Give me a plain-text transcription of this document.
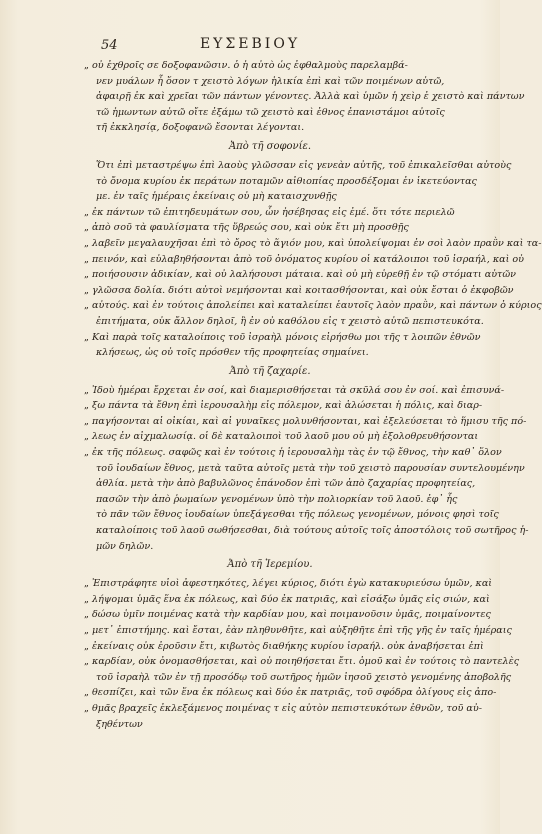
54	ΕΥΣΕΒΙΟΥ
„ οὐ ἐχθροῖς σε δοξοφανῶσιν. ὁ ἡ αὐτὸ ὡς ἐφθαλμοὺς παρελαμβά-
νεν μυάλων ἦ ὅσον τ χειστὸ λόγων ἡλικία ἐπὶ καὶ τῶν ποιμένων αὐτῶ,
ἀφαιρῇ ἐκ καὶ χρεῖαι τῶν πάντων γένοντες. Ἀλλὰ καὶ ὑμῶν ἡ χεὶρ ἐ χειστὸ καὶ πάντων
τῶ ἡμωντων αὐτῶ οἴτε ἐξάμω τῶ χειστὸ καὶ ἐθνος ἐπανιστάμοι αὐτοῖς
τῆ ἐκκλησίᾳ, δοξοφανῶ ἔσονται λέγονται.
Ἀπὸ τῆ σοφονίε.
Ὅτι ἐπὶ μεταστρέψω ἐπὶ λαοὺς γλῶσσαν εἰς γενεὰν αὐτῆς, τοῦ ἐπικαλεῖσθαι αὐτοὺς
τὸ ὄνομα κυρίου ἐκ περάτων ποταμῶν αἰθιοπίας προσδέξομαι ἐν ἱκετεύοντας
με. ἐν ταῖς ἡμέραις ἐκείναις οὐ μὴ καταισχυνθῇς
„ ἐκ πάντων τῶ ἐπιτηδευμάτων σου, ὧν ἠσέβησας εἰς ἐμέ. ὅτι τότε περιελῶ
„ ἀπὸ σοῦ τὰ φαυλίσματα τῆς ὕβρεώς σου, καὶ οὐκ ἔτι μὴ προσθῇς
„ λαβεῖν μεγαλαυχῆσαι ἐπὶ τὸ ὄρος τὸ ἅγιόν μου, καὶ ὑπολείψομαι ἐν σοὶ λαὸν πραῢν καὶ τα-
„ πεινόν, καὶ εὐλαβηθήσονται ἀπὸ τοῦ ὀνόματος κυρίου οἱ κατάλοιποι τοῦ ἰσραήλ, καὶ οὐ
„ ποιήσουσιν ἀδικίαν, καὶ οὐ λαλήσουσι μάταια. καὶ οὐ μὴ εὑρεθῇ ἐν τῷ στόματι αὐτῶν
„ γλῶσσα δολία. διότι αὐτοὶ νεμήσονται καὶ κοιτασθήσονται, καὶ οὐκ ἔσται ὁ ἐκφοβῶν
„ αὐτούς. καὶ ἐν τούτοις ἀπολείπει καὶ καταλείπει ἑαυτοῖς λαὸν πραῢν, καὶ πάντων ὁ κύριος
ἐπιτήματα, οὐκ ἄλλον δηλοῖ, ἢ ἐν οὐ καθόλου εἰς τ χειστὸ αὐτῶ πεπιστευκότα.
„ Καὶ παρὰ τοῖς καταλοίποις τοῦ ἰσραὴλ μόνοις εἰρήσθω μοι τῆς τ λοιπῶν ἐθνῶν
κλήσεως, ὡς οὐ τοῖς πρόσθεν τῆς προφητείας σημαίνει.
Ἀπὸ τῆ ζαχαρίε.
„ Ἰδοὺ ἡμέραι ἔρχεται ἐν σοί, καὶ διαμερισθήσεται τὰ σκῦλά σου ἐν σοί. καὶ ἐπισυνά-
„ ξω πάντα τὰ ἔθνη ἐπὶ ἱερουσαλὴμ εἰς πόλεμον, καὶ ἁλώσεται ἡ πόλις, καὶ διαρ-
„ παγήσονται αἱ οἰκίαι, καὶ αἱ γυναῖκες μολυνθήσονται, καὶ ἐξελεύσεται τὸ ἥμισυ τῆς πό-
„ λεως ἐν αἰχμαλωσίᾳ. οἱ δὲ καταλοιποὶ τοῦ λαοῦ μου οὐ μὴ ἐξολοθρευθήσονται
„ ἐκ τῆς πόλεως. σαφῶς καὶ ἐν τούτοις ἡ ἱερουσαλὴμ τὰς ἐν τῷ ἔθνος, τὴν καθ᾽ ὅλον
τοῦ ἰουδαίων ἔθνος, μετὰ ταῦτα αὐτοῖς μετὰ τὴν τοῦ χειστὸ παρουσίαν συντελουμένην
ἀθλία. μετὰ τὴν ἀπὸ βαβυλῶνος ἐπάνοδον ἐπὶ τῶν ἀπὸ ζαχαρίας προφητείας,
πασῶν τὴν ἀπὸ ῥωμαίων γενομένων ὑπὸ τὴν πολιορκίαν τοῦ λαοῦ. ἐφ᾽ ἧς
τὸ πᾶν τῶν ἔθνος ἰουδαίων ὑπεξάγεσθαι τῆς πόλεως γενομένων, μόνοις φησὶ τοῖς
καταλοίποις τοῦ λαοῦ σωθήσεσθαι, διὰ τούτους αὐτοῖς τοῖς ἀποστόλοις τοῦ σωτῆρος ἡ-
μῶν δηλῶν.
Ἀπὸ τῆ Ἱερεμίου.
„ Ἐπιστράφητε υἱοὶ ἀφεστηκότες, λέγει κύριος, διότι ἐγὼ κατακυριεύσω ὑμῶν, καὶ
„ λήψομαι ὑμᾶς ἕνα ἐκ πόλεως, καὶ δύο ἐκ πατριᾶς, καὶ εἰσάξω ὑμᾶς εἰς σιών, καὶ
„ δώσω ὑμῖν ποιμένας κατὰ τὴν καρδίαν μου, καὶ ποιμανοῦσιν ὑμᾶς, ποιμαίνοντες
„ μετ᾽ ἐπιστήμης. καὶ ἔσται, ἐὰν πληθυνθῆτε, καὶ αὐξηθῆτε ἐπὶ τῆς γῆς ἐν ταῖς ἡμέραις
„ ἐκείναις οὐκ ἐροῦσιν ἔτι, κιβωτὸς διαθήκης κυρίου ἰσραήλ. οὐκ ἀναβήσεται ἐπὶ
„ καρδίαν, οὐκ ὀνομασθήσεται, καὶ οὐ ποιηθήσεται ἔτι. ὁμοῦ καὶ ἐν τούτοις τὸ παντελὲς
τοῦ ἰσραὴλ τῶν ἐν τῇ προσόδῳ τοῦ σωτῆρος ἡμῶν ἰησοῦ χειστὸ γενομένης ἀποβολῆς
„ θεσπίζει, καὶ τῶν ἕνα ἐκ πόλεως καὶ δύο ἐκ πατριᾶς, τοῦ σφόδρα ὀλίγους εἰς ἀπο-
„ θμᾶς βραχεῖς ἐκλεξάμενος ποιμένας τ εἰς αὐτὸν πεπιστευκότων ἐθνῶν, τοῦ αὐ-
ξηθέντων
